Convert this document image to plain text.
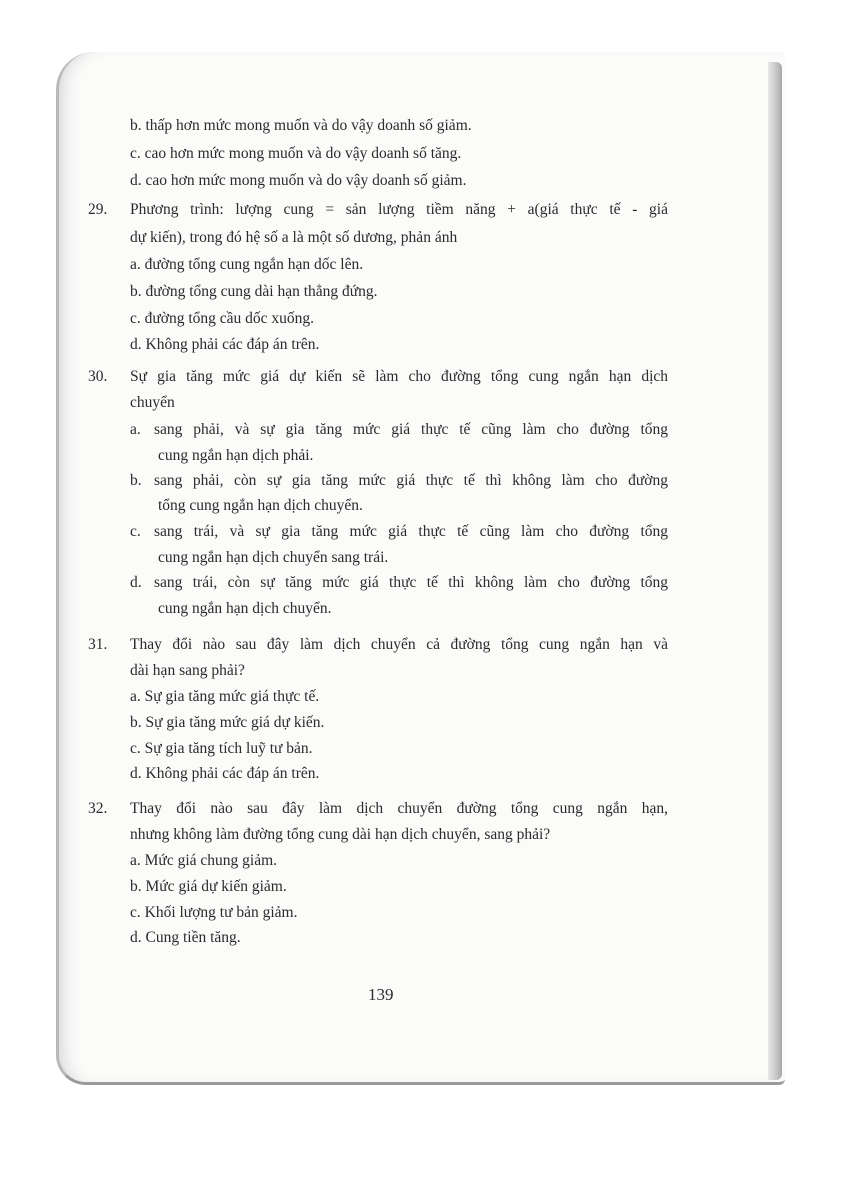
b. thấp hơn mức mong muốn và do vậy doanh số giảm.
c. cao hơn mức mong muốn và do vậy doanh số tăng.
d. cao hơn mức mong muốn và do vậy doanh số giảm.
29. Phương trình: lượng cung = sản lượng tiềm năng + a(giá thực tế - giá
dự kiến), trong đó hệ số a là một số dương, phản ánh
a. đường tổng cung ngắn hạn dốc lên.
b. đường tổng cung dài hạn thẳng đứng.
c. đường tổng cầu dốc xuống.
d. Không phải các đáp án trên.
30. Sự gia tăng mức giá dự kiến sẽ làm cho đường tổng cung ngắn hạn dịch
chuyển
a. sang phải, và sự gia tăng mức giá thực tế cũng làm cho đường tổng
cung ngắn hạn dịch phải.
b. sang phải, còn sự gia tăng mức giá thực tế thì không làm cho đường
tổng cung ngắn hạn dịch chuyển.
c. sang trái, và sự gia tăng mức giá thực tế cũng làm cho đường tổng
cung ngắn hạn dịch chuyển sang trái.
d. sang trái, còn sự tăng mức giá thực tế thì không làm cho đường tổng
cung ngắn hạn dịch chuyển.
31. Thay đổi nào sau đây làm dịch chuyển cả đường tổng cung ngắn hạn và
dài hạn sang phải?
a. Sự gia tăng mức giá thực tế.
b. Sự gia tăng mức giá dự kiến.
c. Sự gia tăng tích luỹ tư bản.
d. Không phải các đáp án trên.
32. Thay đổi nào sau đây làm dịch chuyển đường tổng cung ngắn hạn,
nhưng không làm đường tổng cung dài hạn dịch chuyển, sang phải?
a. Mức giá chung giảm.
b. Mức giá dự kiến giảm.
c. Khối lượng tư bản giảm.
d. Cung tiền tăng.
139
